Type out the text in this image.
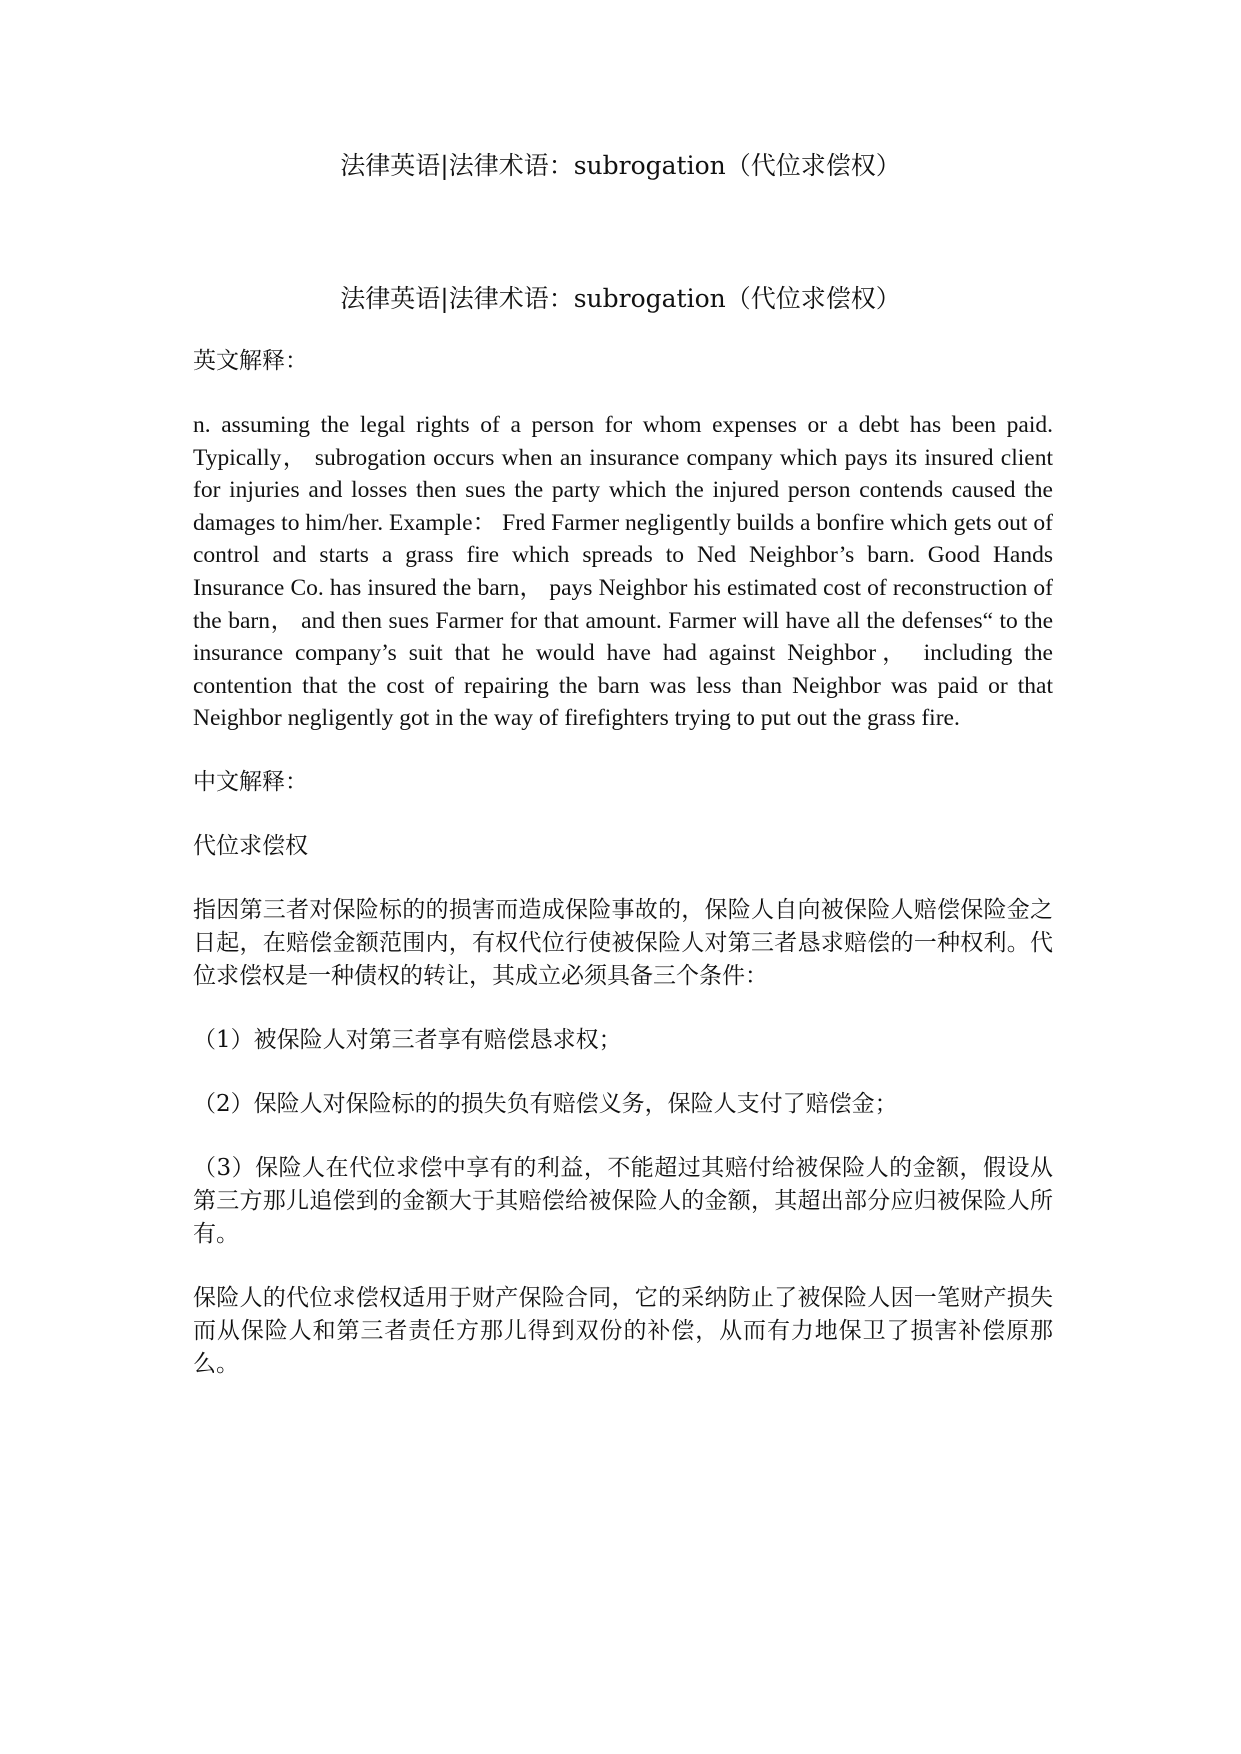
法律英语|法律术语：subrogation（代位求偿权）
法律英语|法律术语：subrogation（代位求偿权）

英文解释：

n. assuming the legal rights of a person for whom expenses or a debt has been paid. Typically， subrogation occurs when an insurance company which pays its insured client for injuries and losses then sues the party which the injured person contends caused the damages to him/her. Example： Fred Farmer negligently builds a bonfire which gets out of control and starts a grass fire which spreads to Ned Neighbor’s barn. Good Hands Insurance Co. has insured the barn， pays Neighbor his estimated cost of reconstruction of the barn， and then sues Farmer for that amount. Farmer will have all the defenses“ to the insurance company’s suit that he would have had against Neighbor， including the contention that the cost of repairing the barn was less than Neighbor was paid or that Neighbor negligently got in the way of firefighters trying to put out the grass fire.

中文解释：

代位求偿权

指因第三者对保险标的的损害而造成保险事故的，保险人自向被保险人赔偿保险金之日起，在赔偿金额范围内，有权代位行使被保险人对第三者恳求赔偿的一种权利。代位求偿权是一种债权的转让，其成立必须具备三个条件：

（1）被保险人对第三者享有赔偿恳求权；

（2）保险人对保险标的的损失负有赔偿义务，保险人支付了赔偿金；

（3）保险人在代位求偿中享有的利益，不能超过其赔付给被保险人的金额，假设从第三方那儿追偿到的金额大于其赔偿给被保险人的金额，其超出部分应归被保险人所有。

保险人的代位求偿权适用于财产保险合同，它的采纳防止了被保险人因一笔财产损失而从保险人和第三者责任方那儿得到双份的补偿，从而有力地保卫了损害补偿原那么。
